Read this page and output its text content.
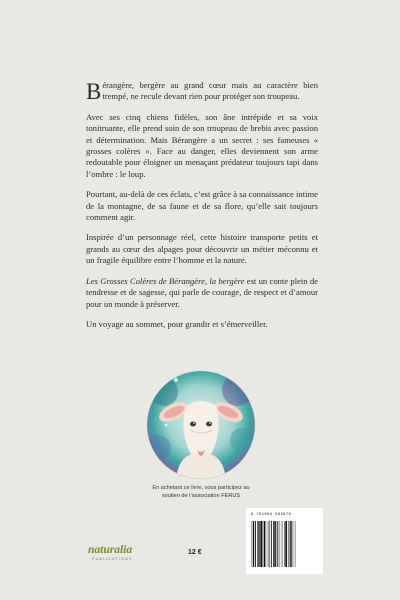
Bérangère, bergère au grand cœur mais au caractère bien trempé, ne recule devant rien pour protéger son troupeau.

Avec ses cinq chiens fidèles, son âne intrépide et sa voix tonitruante, elle prend soin de son troupeau de brebis avec passion et détermination. Mais Bérangère a un secret : ses fameuses « grosses colères ». Face au danger, elles deviennent son arme redoutable pour éloigner un menaçant prédateur toujours tapi dans l’ombre : le loup.

Pourtant, au-delà de ces éclats, c’est grâce à sa connaissance intime de la montagne, de sa faune et de sa flore, qu’elle sait toujours comment agir.

Inspirée d’un personnage réel, cette histoire transporte petits et grands au cœur des alpages pour découvrir un métier méconnu et un fragile équilibre entre l’homme et la nature.

Les Grosses Colères de Bérangère, la bergère est un conte plein de tendresse et de sagesse, qui parle de courage, de respect et d’amour pour un monde à préserver.

Un voyage au sommet, pour grandir et s’émerveiller.

En achetant ce livre, vous participez au soutien de l’association FERUS
naturalia
PUBLICATIONS
12 €
9 791094 583678
